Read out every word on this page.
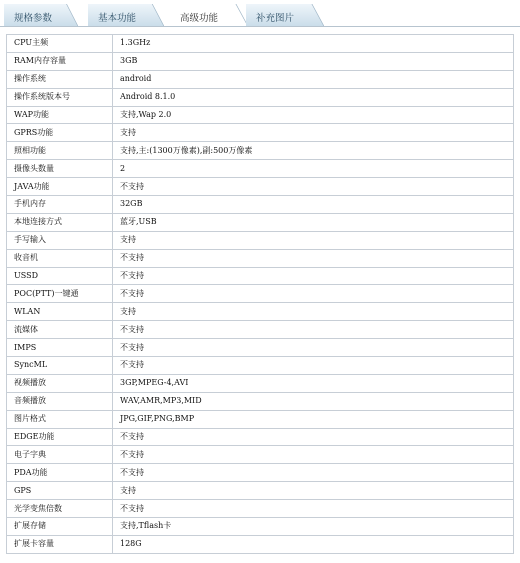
规格参数	基本功能	高级功能	补充图片
CPU主频	1.3GHz
RAM内存容量	3GB
操作系统	android
操作系统版本号	Android 8.1.0
WAP功能	支持,Wap 2.0
GPRS功能	支持
照相功能	支持,主:(1300万像素),副:500万像素
摄像头数量	2
JAVA功能	不支持
手机内存	32GB
本地连接方式	蓝牙,USB
手写输入	支持
收音机	不支持
USSD	不支持
POC(PTT)一键通	不支持
WLAN	支持
流媒体	不支持
IMPS	不支持
SyncML	不支持
视频播放	3GP,MPEG-4,AVI
音频播放	WAV,AMR,MP3,MID
图片格式	JPG,GIF,PNG,BMP
EDGE功能	不支持
电子字典	不支持
PDA功能	不支持
GPS	支持
光学变焦倍数	不支持
扩展存储	支持,Tflash卡
扩展卡容量	128G
